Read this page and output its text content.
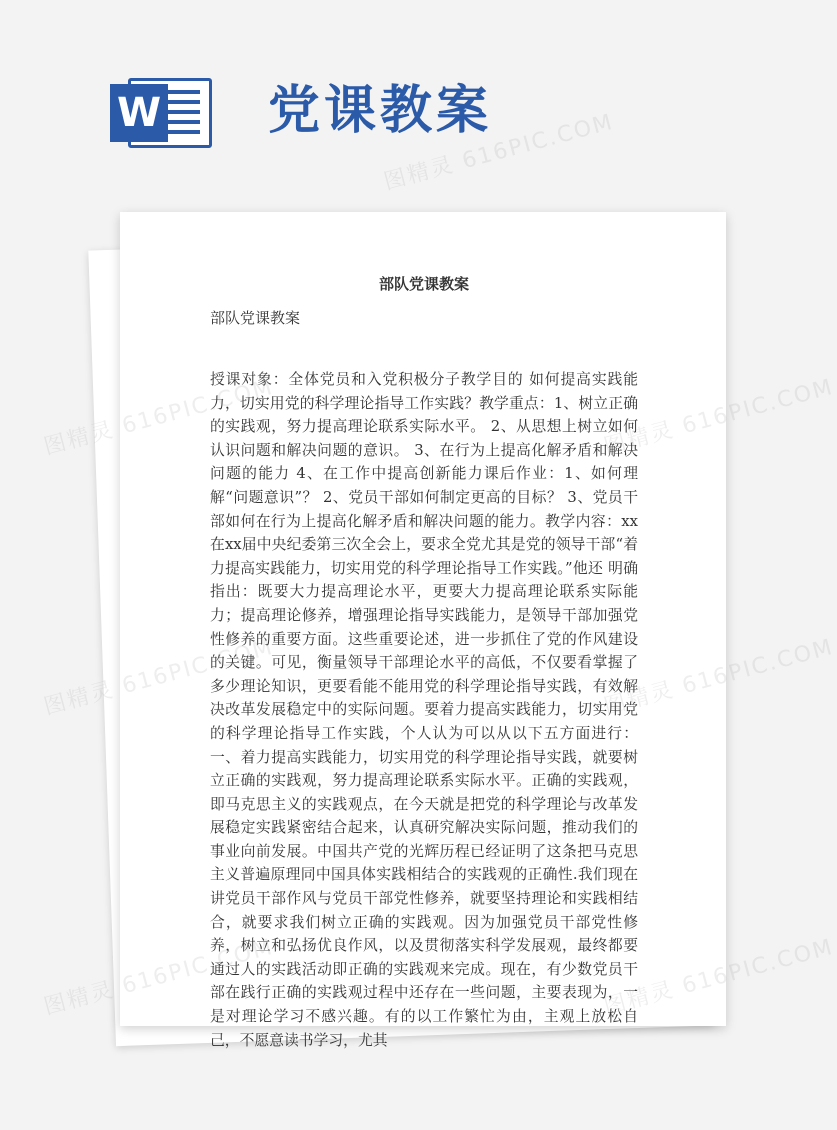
W 党课教案
部队党课教案

部队党课教案

授课对象：全体党员和入党积极分子教学目的 如何提高实践能力，切实用党的科学理论指导工作实践？教学重点：1、树立正确的实践观，努力提高理论联系实际水平。 2、从思想上树立如何认识问题和解决问题的意识。 3、在行为上提高化解矛盾和解决问题的能力 4、在工作中提高创新能力课后作业：1、如何理解“问题意识”？ 2、党员干部如何制定更高的目标？ 3、党员干部如何在行为上提高化解矛盾和解决问题的能力。教学内容：xx在xx届中央纪委第三次全会上，要求全党尤其是党的领导干部“着力提高实践能力，切实用党的科学理论指导工作实践。”他还 明确指出：既要大力提高理论水平，更要大力提高理论联系实际能力；提高理论修养，增强理论指导实践能力，是领导干部加强党性修养的重要方面。这些重要论述，进一步抓住了党的作风建设的关键。可见，衡量领导干部理论水平的高低，不仅要看掌握了多少理论知识，更要看能不能用党的科学理论指导实践，有效解决改革发展稳定中的实际问题。要着力提高实践能力，切实用党的科学理论指导工作实践，个人认为可以从以下五方面进行：一、着力提高实践能力，切实用党的科学理论指导实践，就要树立正确的实践观，努力提高理论联系实际水平。正确的实践观，即马克思主义的实践观点，在今天就是把党的科学理论与改革发展稳定实践紧密结合起来，认真研究解决实际问题，推动我们的事业向前发展。中国共产党的光辉历程已经证明了这条把马克思主义普遍原理同中国具体实践相结合的实践观的正确性.我们现在讲党员干部作风与党员干部党性修养，就要坚持理论和实践相结合，就要求我们树立正确的实践观。因为加强党员干部党性修养，树立和弘扬优良作风，以及贯彻落实科学发展观，最终都要通过人的实践活动即正确的实践观来完成。现在，有少数党员干部在践行正确的实践观过程中还存在一些问题，主要表现为，一是对理论学习不感兴趣。有的以工作繁忙为由，主观上放松自己，不愿意读书学习，尤其

图精灵 616PIC.COM
图精灵	616PIC.COM
图精灵	616PIC.COM
图精灵	616PIC.COM
